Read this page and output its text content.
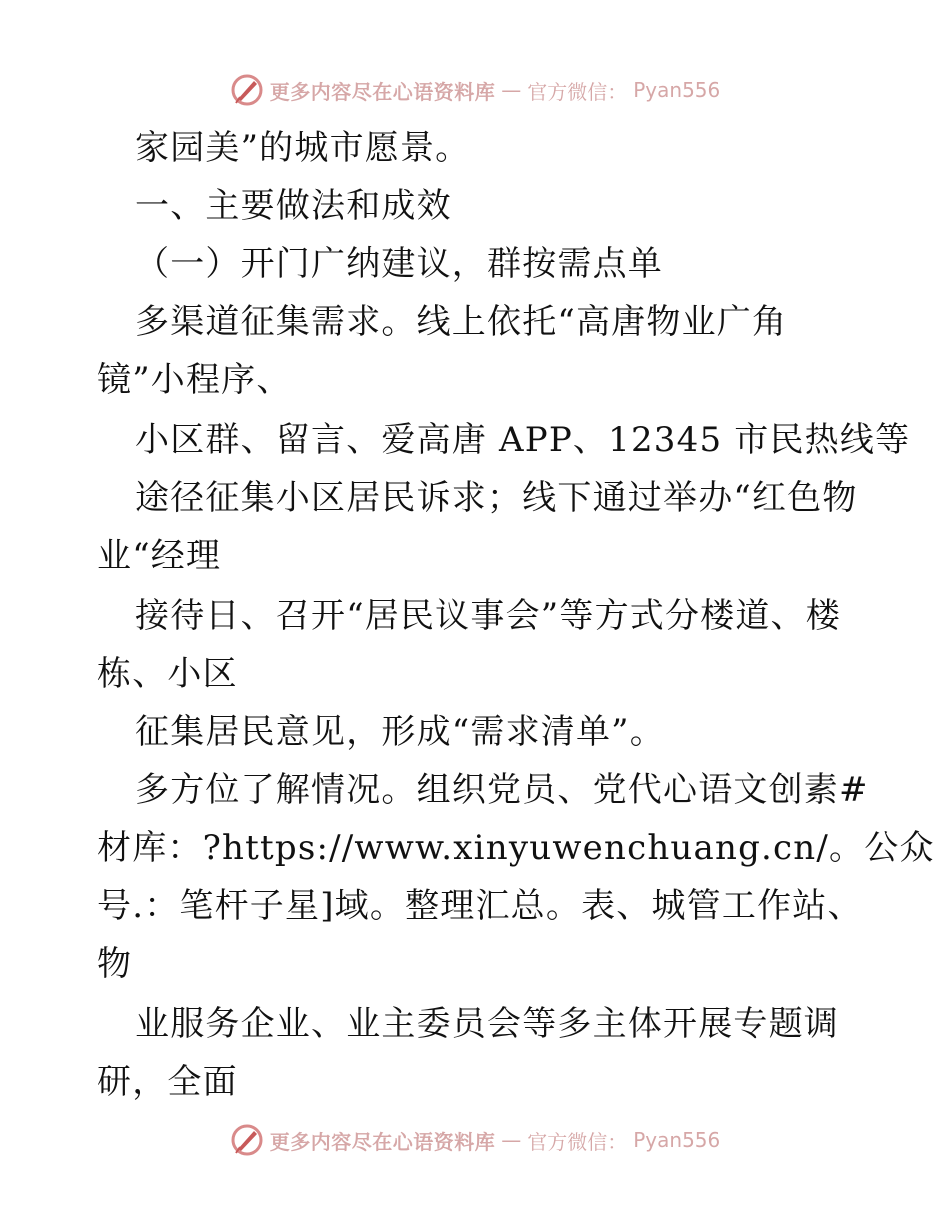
更多内容尽在心语资料库 — 官方微信： Pyan556
家园美”的城市愿景。
一、主要做法和成效
（一）开门广纳建议，群按需点单
多渠道征集需求。线上依托“高唐物业广角
镜”小程序、
小区群、留言、爱高唐 APP、12345 市民热线等
途径征集小区居民诉求；线下通过举办“红色物
业“经理
接待日、召开“居民议事会”等方式分楼道、楼
栋、小区
征集居民意见，形成“需求清单”。
多方位了解情况。组织党员、党代心语文创素#
材库：?https://www.xinyuwenchuang.cn/。公众
号.：笔杆子星]域。整理汇总。表、城管工作站、
物
业服务企业、业主委员会等多主体开展专题调
研，全面
更多内容尽在心语资料库 — 官方微信： Pyan556
